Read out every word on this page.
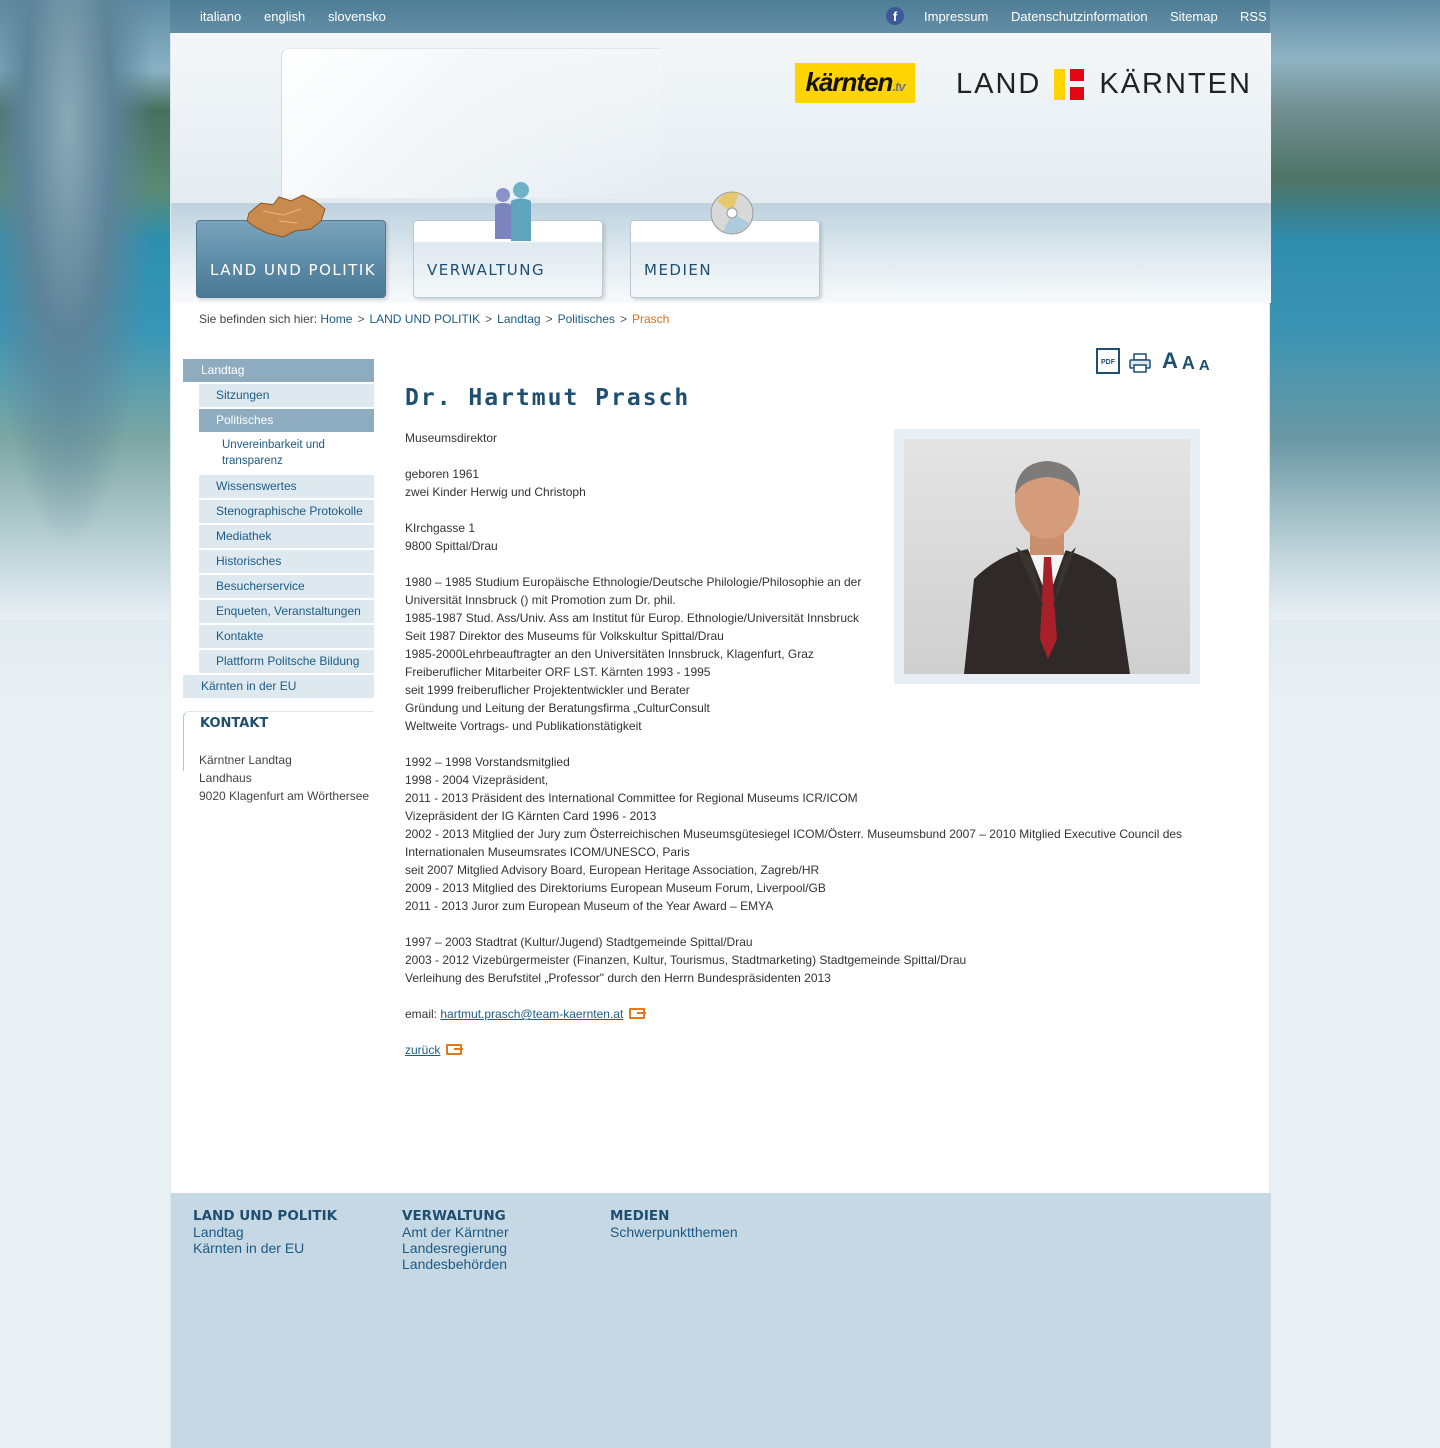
italiano english slovensko	f	Impressum Datenschutzinformation Sitemap RSS
kärnten.tv	LAND KÄRNTEN
LAND UND POLITIK	VERWALTUNG	MEDIEN
Sie befinden sich hier: Home > LAND UND POLITIK > Landtag > Politisches > Prasch
Landtag
Sitzungen
Politisches
Unvereinbarkeit und
transparenz
Wissenswertes
Stenographische Protokolle
Mediathek
Historisches
Besucherservice
Enqueten, Veranstaltungen
Kontakte
Plattform Politsche Bildung
Kärnten in der EU
KONTAKT
Kärntner Landtag
Landhaus
9020 Klagenfurt am Wörthersee
PDF A A A
Dr. Hartmut Prasch

Museumsdirektor

geboren 1961

zwei Kinder Herwig und Christoph

KIrchgasse 1

9800 Spittal/Drau

1980 – 1985 Studium Europäische Ethnologie/Deutsche Philologie/Philosophie an der

Universität Innsbruck () mit Promotion zum Dr. phil.

1985-1987 Stud. Ass/Univ. Ass am Institut für Europ. Ethnologie/Universität Innsbruck

Seit 1987 Direktor des Museums für Volkskultur Spittal/Drau

1985-2000Lehrbeauftragter an den Universitäten Innsbruck, Klagenfurt, Graz

Freiberuflicher Mitarbeiter ORF LST. Kärnten 1993 - 1995

seit 1999 freiberuflicher Projektentwickler und Berater

Gründung und Leitung der Beratungsfirma „CulturConsult

Weltweite Vortrags- und Publikationstätigkeit

1992 – 1998 Vorstandsmitglied

1998 - 2004 Vizepräsident,

2011 - 2013 Präsident des International Committee for Regional Museums ICR/ICOM

Vizepräsident der IG Kärnten Card 1996 - 2013

2002 - 2013 Mitglied der Jury zum Österreichischen Museumsgütesiegel ICOM/Österr. Museumsbund 2007 – 2010 Mitglied Executive Council des

Internationalen Museumsrates ICOM/UNESCO, Paris

seit 2007 Mitglied Advisory Board, European Heritage Association, Zagreb/HR

2009 - 2013 Mitglied des Direktoriums European Museum Forum, Liverpool/GB

2011 - 2013 Juror zum European Museum of the Year Award – EMYA

1997 – 2003 Stadtrat (Kultur/Jugend) Stadtgemeinde Spittal/Drau

2003 - 2012 Vizebürgermeister (Finanzen, Kultur, Tourismus, Stadtmarketing) Stadtgemeinde Spittal/Drau

Verleihung des Berufstitel „Professor" durch den Herrn Bundespräsidenten 2013

email: hartmut.prasch@team-kaernten.at

zurück

LAND UND POLITIK
Landtag
Kärnten in der EU
VERWALTUNG
Amt der Kärntner
Landesregierung
Landesbehörden
MEDIEN
Schwerpunktthemen
